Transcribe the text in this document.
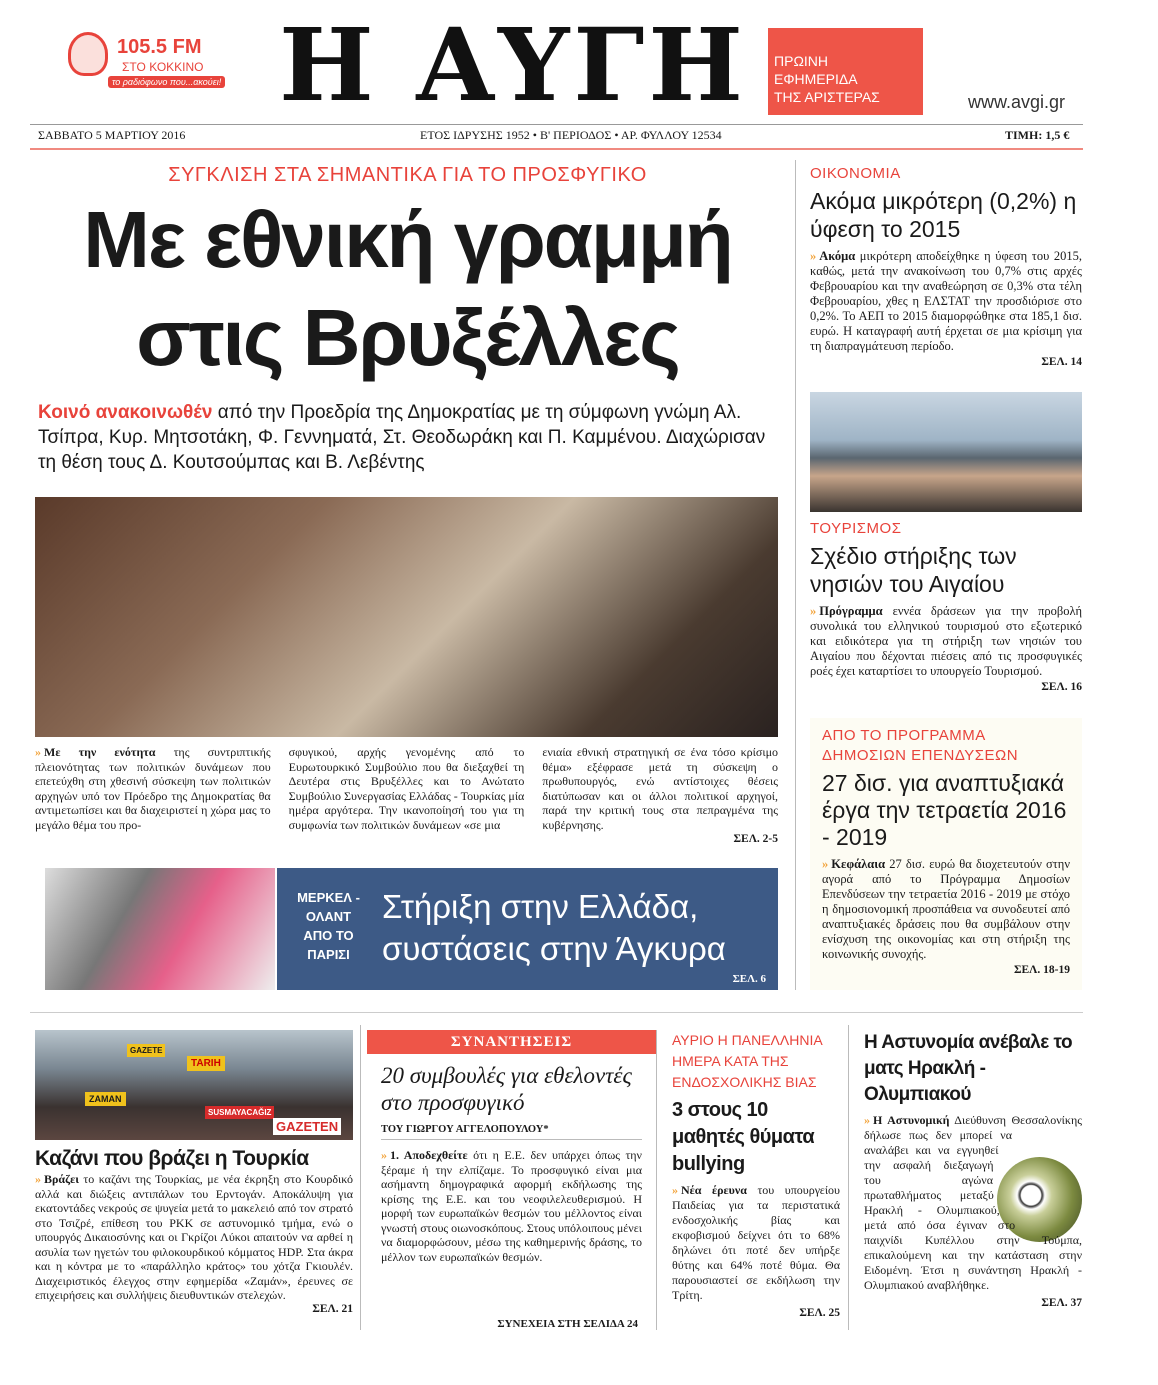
105.5 FM
ΣΤΟ ΚΟΚΚΙΝΟ
το ραδιόφωνο που...ακούει! Η ΑΥΓΗ	ΠΡΩΙΝΗ
ΕΦΗΜΕΡΙΔΑ
ΤΗΣ ΑΡΙΣΤΕΡΑΣ	www.avgi.gr
ΣΑΒΒΑΤΟ 5 ΜΑΡΤΙΟΥ 2016	ΕΤΟΣ ΙΔΡΥΣΗΣ 1952 • Β' ΠΕΡΙΟΔΟΣ • ΑΡ. ΦΥΛΛΟΥ 12534	ΤΙΜΗ: 1,5 €
ΣΥΓΚΛΙΣΗ ΣΤΑ ΣΗΜΑΝΤΙΚΑ ΓΙΑ ΤΟ ΠΡΟΣΦΥΓΙΚΟ
Με εθνική γραμμή
στις Βρυξέλλες
Κοινό ανακοινωθέν από την Προεδρία της Δημοκρατίας με τη σύμφωνη γνώμη Αλ. Τσίπρα, Κυρ. Μητσοτάκη, Φ. Γεννηματά, Στ. Θεοδωράκη και Π. Καμμένου. Διαχώρισαν τη θέση τους Δ. Κουτσούμπας και Β. Λεβέντης
» Με την ενότητα της συντριπτικής πλειονότητας των πολιτικών δυνάμεων που επετεύχθη στη χθεσινή σύσκεψη των πολιτικών αρχηγών υπό τον Πρόεδρο της Δημοκρατίας θα αντιμετωπίσει και θα διαχειριστεί η χώρα μας το μεγάλο θέμα του προ-
σφυγικού, αρχής γενομένης από το Ευρωτουρκικό Συμβούλιο που θα διεξαχθεί τη Δευτέρα στις Βρυξέλλες και το Ανώτατο Συμβούλιο Συνεργασίας Ελλάδας - Τουρκίας μία ημέρα αργότερα. Την ικανοποίησή του για τη συμφωνία των πολιτικών δυνάμεων «σε μια
ενιαία εθνική στρατηγική σε ένα τόσο κρίσιμο θέμα» εξέφρασε μετά τη σύσκεψη ο πρωθυπουργός, ενώ αντίστοιχες θέσεις διατύπωσαν και οι άλλοι πολιτικοί αρχηγοί, παρά την κριτική τους στα πεπραγμένα της κυβέρνησης.
ΣΕΛ. 2-5
ΜΕΡΚΕΛ - ΟΛΑΝΤ ΑΠΟ ΤΟ ΠΑΡΙΣΙ
Στήριξη στην Ελλάδα,
συστάσεις στην Άγκυρα
ΣΕΛ. 6
ΟΙΚΟΝΟΜΙΑ
Ακόμα μικρότερη (0,2%) η ύφεση το 2015
» Ακόμα μικρότερη αποδείχθηκε η ύφεση του 2015, καθώς, μετά την ανακοίνωση του 0,7% στις αρχές Φεβρουαρίου και την αναθεώρηση σε 0,3% στα τέλη Φεβρουαρίου, χθες η ΕΛΣΤΑΤ την προσδιόρισε στο 0,2%. Το ΑΕΠ το 2015 διαμορφώθηκε στα 185,1 δισ. ευρώ. Η καταγραφή αυτή έρχεται σε μια κρίσιμη για τη διαπραγμάτευση περίοδο.
ΣΕΛ. 14
ΤΟΥΡΙΣΜΟΣ
Σχέδιο στήριξης των νησιών του Αιγαίου
» Πρόγραμμα εννέα δράσεων για την προβολή συνολικά του ελληνικού τουρισμού στο εξωτερικό και ειδικότερα για τη στήριξη των νησιών του Αιγαίου που δέχονται πιέσεις από τις προσφυγικές ροές έχει καταρτίσει το υπουργείο Τουρισμού.
ΣΕΛ. 16
ΑΠΟ ΤΟ ΠΡΟΓΡΑΜΜΑ ΔΗΜΟΣΙΩΝ ΕΠΕΝΔΥΣΕΩΝ
27 δισ. για αναπτυξιακά έργα την τετραετία 2016 - 2019
» Κεφάλαια 27 δισ. ευρώ θα διοχετευτούν στην αγορά από το Πρόγραμμα Δημοσίων Επενδύσεων την τετραετία 2016 - 2019 με στόχο η δημοσιονομική προσπάθεια να συνοδευτεί από αναπτυξιακές δράσεις που θα συμβάλουν στην ενίσχυση της οικονομίας και στη στήριξη της κοινωνικής συνοχής.
ΣΕΛ. 18-19
ZAMAN
GAZETE
TARIH
SUSMAYACAĞIZ
GAZETEN
Καζάνι που βράζει η Τουρκία
» Βράζει το καζάνι της Τουρκίας, με νέα έκρηξη στο Κουρδικό αλλά και διώξεις αντιπάλων του Ερντογάν. Αποκάλυψη για εκατοντάδες νεκρούς σε ψυγεία μετά το μακελειό από τον στρατό στο Τσιζρέ, επίθεση του PKK σε αστυνομικό τμήμα, ενώ ο υπουργός Δικαιοσύνης και οι Γκρίζοι Λύκοι απαιτούν να αρθεί η ασυλία των ηγετών του φιλοκουρδικού κόμματος HDP. Στα άκρα και η κόντρα με το «παράλληλο κράτος» του χότζα Γκιουλέν. Διαχειριστικός έλεγχος στην εφημερίδα «Ζαμάν», έρευνες σε επιχειρήσεις και συλλήψεις διευθυντικών στελεχών.
ΣΕΛ. 21
ΣΥΝΑΝΤΗΣΕΙΣ
20 συμβουλές για εθελοντές στο προσφυγικό
ΤΟΥ ΓΙΩΡΓΟΥ ΑΓΓΕΛΟΠΟΥΛΟΥ*
» 1. Αποδεχθείτε ότι η Ε.Ε. δεν υπάρχει όπως την ξέραμε ή την ελπίζαμε. Το προσφυγικό είναι μια ασήμαντη δημογραφικά αφορμή εκδήλωσης της κρίσης της Ε.Ε. και του νεοφιλελευθερισμού. Η μορφή των ευρωπαϊκών θεσμών του μέλλοντος είναι γνωστή στους οιωνοσκόπους. Στους υπόλοιπους μένει να διαμορφώσουν, μέσω της καθημερινής δράσης, το μέλλον των ευρωπαϊκών θεσμών.
ΣΥΝΕΧΕΙΑ ΣΤΗ ΣΕΛΙΔΑ 24
ΑΥΡΙΟ Η ΠΑΝΕΛΛΗΝΙΑ ΗΜΕΡΑ ΚΑΤΑ ΤΗΣ ΕΝΔΟΣΧΟΛΙΚΗΣ ΒΙΑΣ
3 στους 10 μαθητές θύματα bullying
» Νέα έρευνα του υπουργείου Παιδείας για τα περιστατικά ενδοσχολικής βίας και εκφοβισμού δείχνει ότι το 68% δηλώνει ότι ποτέ δεν υπήρξε θύτης και 64% ποτέ θύμα. Θα παρουσιαστεί σε εκδήλωση την Τρίτη.
ΣΕΛ. 25
Η Αστυνομία ανέβαλε το ματς Ηρακλή - Ολυμπιακού
» Η Αστυνομική Διεύθυνση Θεσσαλονίκης δήλωσε πως δεν μπορεί να αναλάβει και να εγγυηθεί την ασφαλή διεξαγωγή του αγώνα πρωταθλήματος μεταξύ Ηρακλή - Ολυμπιακού, μετά από όσα έγιναν στο παιχνίδι Κυπέλλου στην Τούμπα, επικαλούμενη και την κατάσταση στην Ειδομένη. Έτσι η συνάντηση Ηρακλή - Ολυμπιακού αναβλήθηκε.
ΣΕΛ. 37
